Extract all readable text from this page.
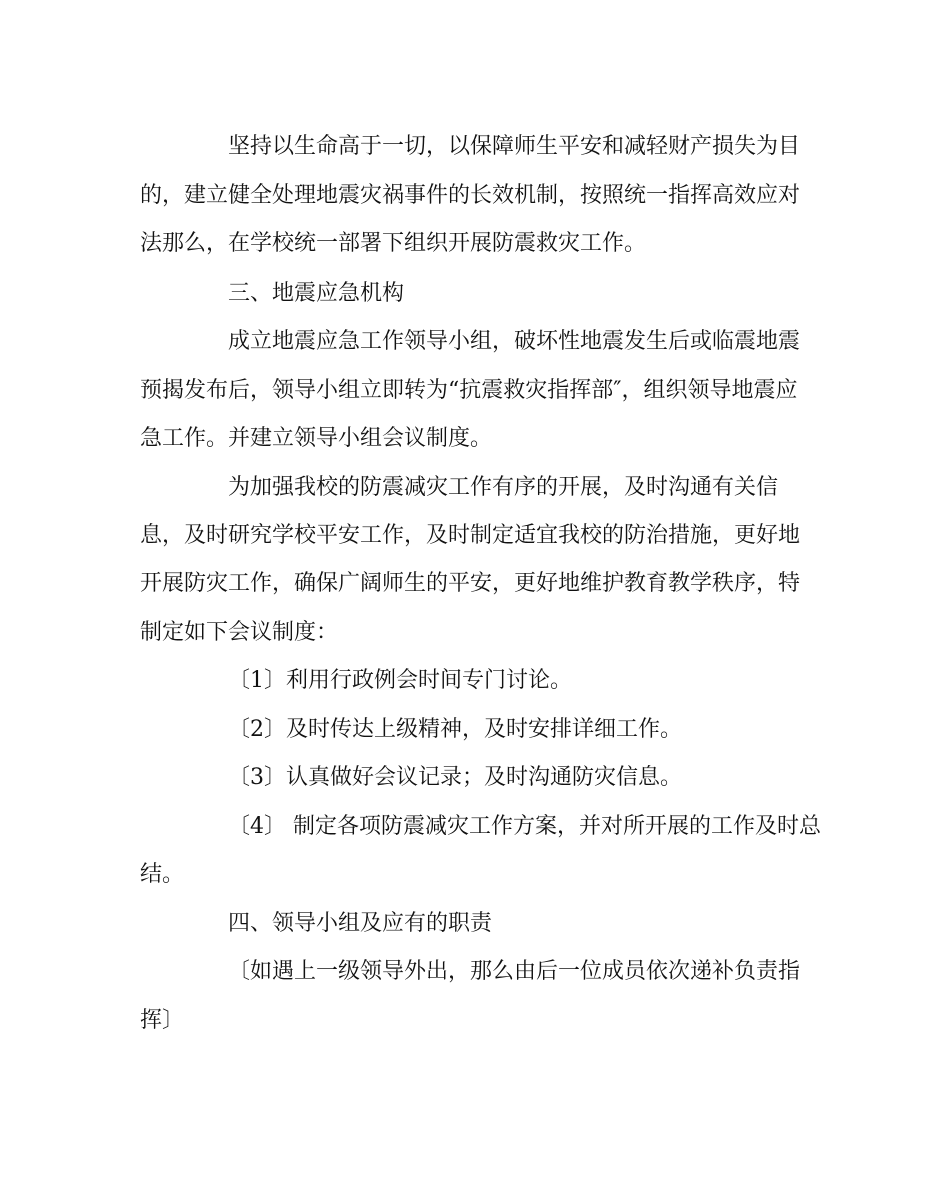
坚持以生命高于一切，以保障师生平安和减轻财产损失为目

的，建立健全处理地震灾祸事件的长效机制，按照统一指挥高效应对

法那么，在学校统一部署下组织开展防震救灾工作。

三、地震应急机构

成立地震应急工作领导小组，破坏性地震发生后或临震地震

预揭发布后，领导小组立即转为“抗震救灾指挥部″，组织领导地震应

急工作。并建立领导小组会议制度。

为加强我校的防震减灾工作有序的开展，及时沟通有关信

息，及时研究学校平安工作，及时制定适宜我校的防治措施，更好地

开展防灾工作，确保广阔师生的平安，更好地维护教育教学秩序，特

制定如下会议制度：

〔1〕利用行政例会时间专门讨论。

〔2〕及时传达上级精神，及时安排详细工作。

〔3〕认真做好会议记录；及时沟通防灾信息。

〔4〕 制定各项防震减灾工作方案，并对所开展的工作及时总

结。

四、领导小组及应有的职责

〔如遇上一级领导外出，那么由后一位成员依次递补负责指

挥〕
